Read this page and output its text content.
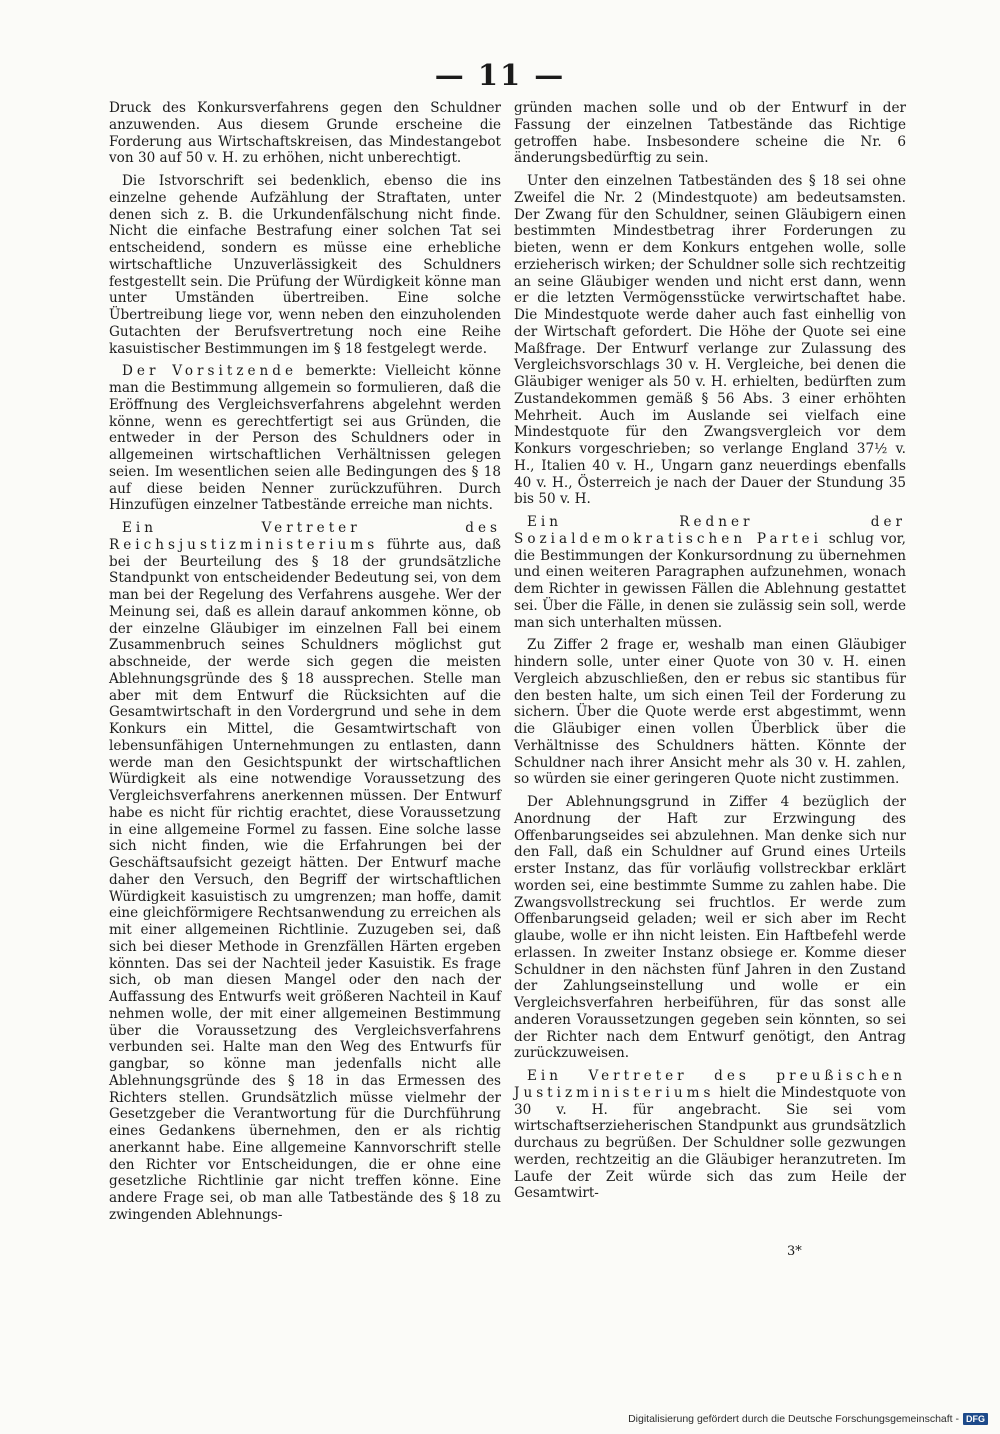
— 11 —

Druck des Konkursverfahrens gegen den Schuldner anzuwenden. Aus diesem Grunde erscheine die Forderung aus Wirtschaftskreisen, das Mindestangebot von 30 auf 50 v. H. zu erhöhen, nicht unberechtigt.

Die Istvorschrift sei bedenklich, ebenso die ins einzelne gehende Aufzählung der Straftaten, unter denen sich z. B. die Urkundenfälschung nicht finde. Nicht die einfache Bestrafung einer solchen Tat sei entscheidend, sondern es müsse eine erhebliche wirtschaftliche Unzuverlässigkeit des Schuldners festgestellt sein. Die Prüfung der Würdigkeit könne man unter Umständen übertreiben. Eine solche Übertreibung liege vor, wenn neben den einzuholenden Gutachten der Berufsvertretung noch eine Reihe kasuistischer Bestimmungen im § 18 festgelegt werde.

Der Vorsitzende bemerkte: Vielleicht könne man die Bestimmung allgemein so formulieren, daß die Eröffnung des Vergleichsverfahrens abgelehnt werden könne, wenn es gerechtfertigt sei aus Gründen, die entweder in der Person des Schuldners oder in allgemeinen wirtschaftlichen Verhältnissen gelegen seien. Im wesentlichen seien alle Bedingungen des § 18 auf diese beiden Nenner zurückzuführen. Durch Hinzufügen einzelner Tatbestände erreiche man nichts.

Ein Vertreter des Reichsjustizministeriums führte aus, daß bei der Beurteilung des § 18 der grundsätzliche Standpunkt von entscheidender Bedeutung sei, von dem man bei der Regelung des Verfahrens ausgehe. Wer der Meinung sei, daß es allein darauf ankommen könne, ob der einzelne Gläubiger im einzelnen Fall bei einem Zusammenbruch seines Schuldners möglichst gut abschneide, der werde sich gegen die meisten Ablehnungsgründe des § 18 aussprechen. Stelle man aber mit dem Entwurf die Rücksichten auf die Gesamtwirtschaft in den Vordergrund und sehe in dem Konkurs ein Mittel, die Gesamtwirtschaft von lebensunfähigen Unternehmungen zu entlasten, dann werde man den Gesichtspunkt der wirtschaftlichen Würdigkeit als eine notwendige Voraussetzung des Vergleichsverfahrens anerkennen müssen. Der Entwurf habe es nicht für richtig erachtet, diese Voraussetzung in eine allgemeine Formel zu fassen. Eine solche lasse sich nicht finden, wie die Erfahrungen bei der Geschäftsaufsicht gezeigt hätten. Der Entwurf mache daher den Versuch, den Begriff der wirtschaftlichen Würdigkeit kasuistisch zu umgrenzen; man hoffe, damit eine gleichförmigere Rechtsanwendung zu erreichen als mit einer allgemeinen Richtlinie. Zuzugeben sei, daß sich bei dieser Methode in Grenzfällen Härten ergeben könnten. Das sei der Nachteil jeder Kasuistik. Es frage sich, ob man diesen Mangel oder den nach der Auffassung des Entwurfs weit größeren Nachteil in Kauf nehmen wolle, der mit einer allgemeinen Bestimmung über die Voraussetzung des Vergleichsverfahrens verbunden sei. Halte man den Weg des Entwurfs für gangbar, so könne man jedenfalls nicht alle Ablehnungsgründe des § 18 in das Ermessen des Richters stellen. Grundsätzlich müsse vielmehr der Gesetzgeber die Verantwortung für die Durchführung eines Gedankens übernehmen, den er als richtig anerkannt habe. Eine allgemeine Kannvorschrift stelle den Richter vor Entscheidungen, die er ohne eine gesetzliche Richtlinie gar nicht treffen könne. Eine andere Frage sei, ob man alle Tatbestände des § 18 zu zwingenden Ablehnungs-

gründen machen solle und ob der Entwurf in der Fassung der einzelnen Tatbestände das Richtige getroffen habe. Insbesondere scheine die Nr. 6 änderungsbedürftig zu sein.

Unter den einzelnen Tatbeständen des § 18 sei ohne Zweifel die Nr. 2 (Mindestquote) am bedeutsamsten. Der Zwang für den Schuldner, seinen Gläubigern einen bestimmten Mindestbetrag ihrer Forderungen zu bieten, wenn er dem Konkurs entgehen wolle, solle erzieherisch wirken; der Schuldner solle sich rechtzeitig an seine Gläubiger wenden und nicht erst dann, wenn er die letzten Vermögensstücke verwirtschaftet habe. Die Mindestquote werde daher auch fast einhellig von der Wirtschaft gefordert. Die Höhe der Quote sei eine Maßfrage. Der Entwurf verlange zur Zulassung des Vergleichsvorschlags 30 v. H. Vergleiche, bei denen die Gläubiger weniger als 50 v. H. erhielten, bedürften zum Zustandekommen gemäß § 56 Abs. 3 einer erhöhten Mehrheit. Auch im Auslande sei vielfach eine Mindestquote für den Zwangsvergleich vor dem Konkurs vorgeschrieben; so verlange England 37½ v. H., Italien 40 v. H., Ungarn ganz neuerdings ebenfalls 40 v. H., Österreich je nach der Dauer der Stundung 35 bis 50 v. H.

Ein Redner der Sozialdemokratischen Partei schlug vor, die Bestimmungen der Konkursordnung zu übernehmen und einen weiteren Paragraphen aufzunehmen, wonach dem Richter in gewissen Fällen die Ablehnung gestattet sei. Über die Fälle, in denen sie zulässig sein soll, werde man sich unterhalten müssen.

Zu Ziffer 2 frage er, weshalb man einen Gläubiger hindern solle, unter einer Quote von 30 v. H. einen Vergleich abzuschließen, den er rebus sic stantibus für den besten halte, um sich einen Teil der Forderung zu sichern. Über die Quote werde erst abgestimmt, wenn die Gläubiger einen vollen Überblick über die Verhältnisse des Schuldners hätten. Könnte der Schuldner nach ihrer Ansicht mehr als 30 v. H. zahlen, so würden sie einer geringeren Quote nicht zustimmen.

Der Ablehnungsgrund in Ziffer 4 bezüglich der Anordnung der Haft zur Erzwingung des Offenbarungseides sei abzulehnen. Man denke sich nur den Fall, daß ein Schuldner auf Grund eines Urteils erster Instanz, das für vorläufig vollstreckbar erklärt worden sei, eine bestimmte Summe zu zahlen habe. Die Zwangsvollstreckung sei fruchtlos. Er werde zum Offenbarungseid geladen; weil er sich aber im Recht glaube, wolle er ihn nicht leisten. Ein Haftbefehl werde erlassen. In zweiter Instanz obsiege er. Komme dieser Schuldner in den nächsten fünf Jahren in den Zustand der Zahlungseinstellung und wolle er ein Vergleichsverfahren herbeiführen, für das sonst alle anderen Voraussetzungen gegeben sein könnten, so sei der Richter nach dem Entwurf genötigt, den Antrag zurückzuweisen.

Ein Vertreter des preußischen Justizministeriums hielt die Mindestquote von 30 v. H. für angebracht. Sie sei vom wirtschaftserzieherischen Standpunkt aus grundsätzlich durchaus zu begrüßen. Der Schuldner solle gezwungen werden, rechtzeitig an die Gläubiger heranzutreten. Im Laufe der Zeit würde sich das zum Heile der Gesamtwirt-

3*
Digitalisierung gefördert durch die Deutsche Forschungsgemeinschaft - DFG
